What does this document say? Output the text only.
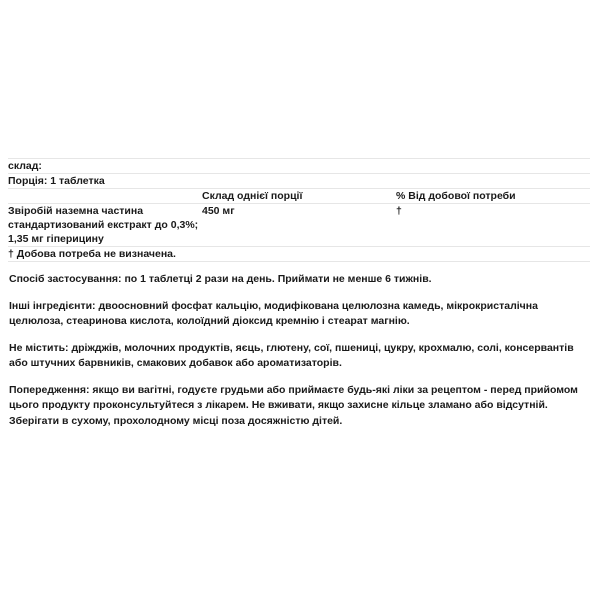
склад:		
Порція: 1 таблетка		
	Склад однієї порції	% Від добової потреби
Звіробій наземна частина стандартизований екстракт до 0,3%; 1,35 мг гіперицину	450 мг	†
† Добова потреба не визначена.		

Спосіб застосування: по 1 таблетці 2 рази на день. Приймати не менше 6 тижнів.

Інші інгредієнти: двоосновний фосфат кальцію, модифікована целюлозна камедь, мікрокристалічна целюлоза, стеаринова кислота, колоїдний діоксид кремнію і стеарат магнію.

Не містить: дріжджів, молочних продуктів, яєць, глютену, сої, пшениці, цукру, крохмалю, солі, консервантів або штучних барвників, смакових добавок або ароматизаторів.

Попередження: якщо ви вагітні, годуєте грудьми або приймаєте будь-які ліки за рецептом - перед прийомом цього продукту проконсультуйтеся з лікарем. Не вживати, якщо захисне кільце зламано або відсутній. Зберігати в сухому, прохолодному місці поза досяжністю дітей.
